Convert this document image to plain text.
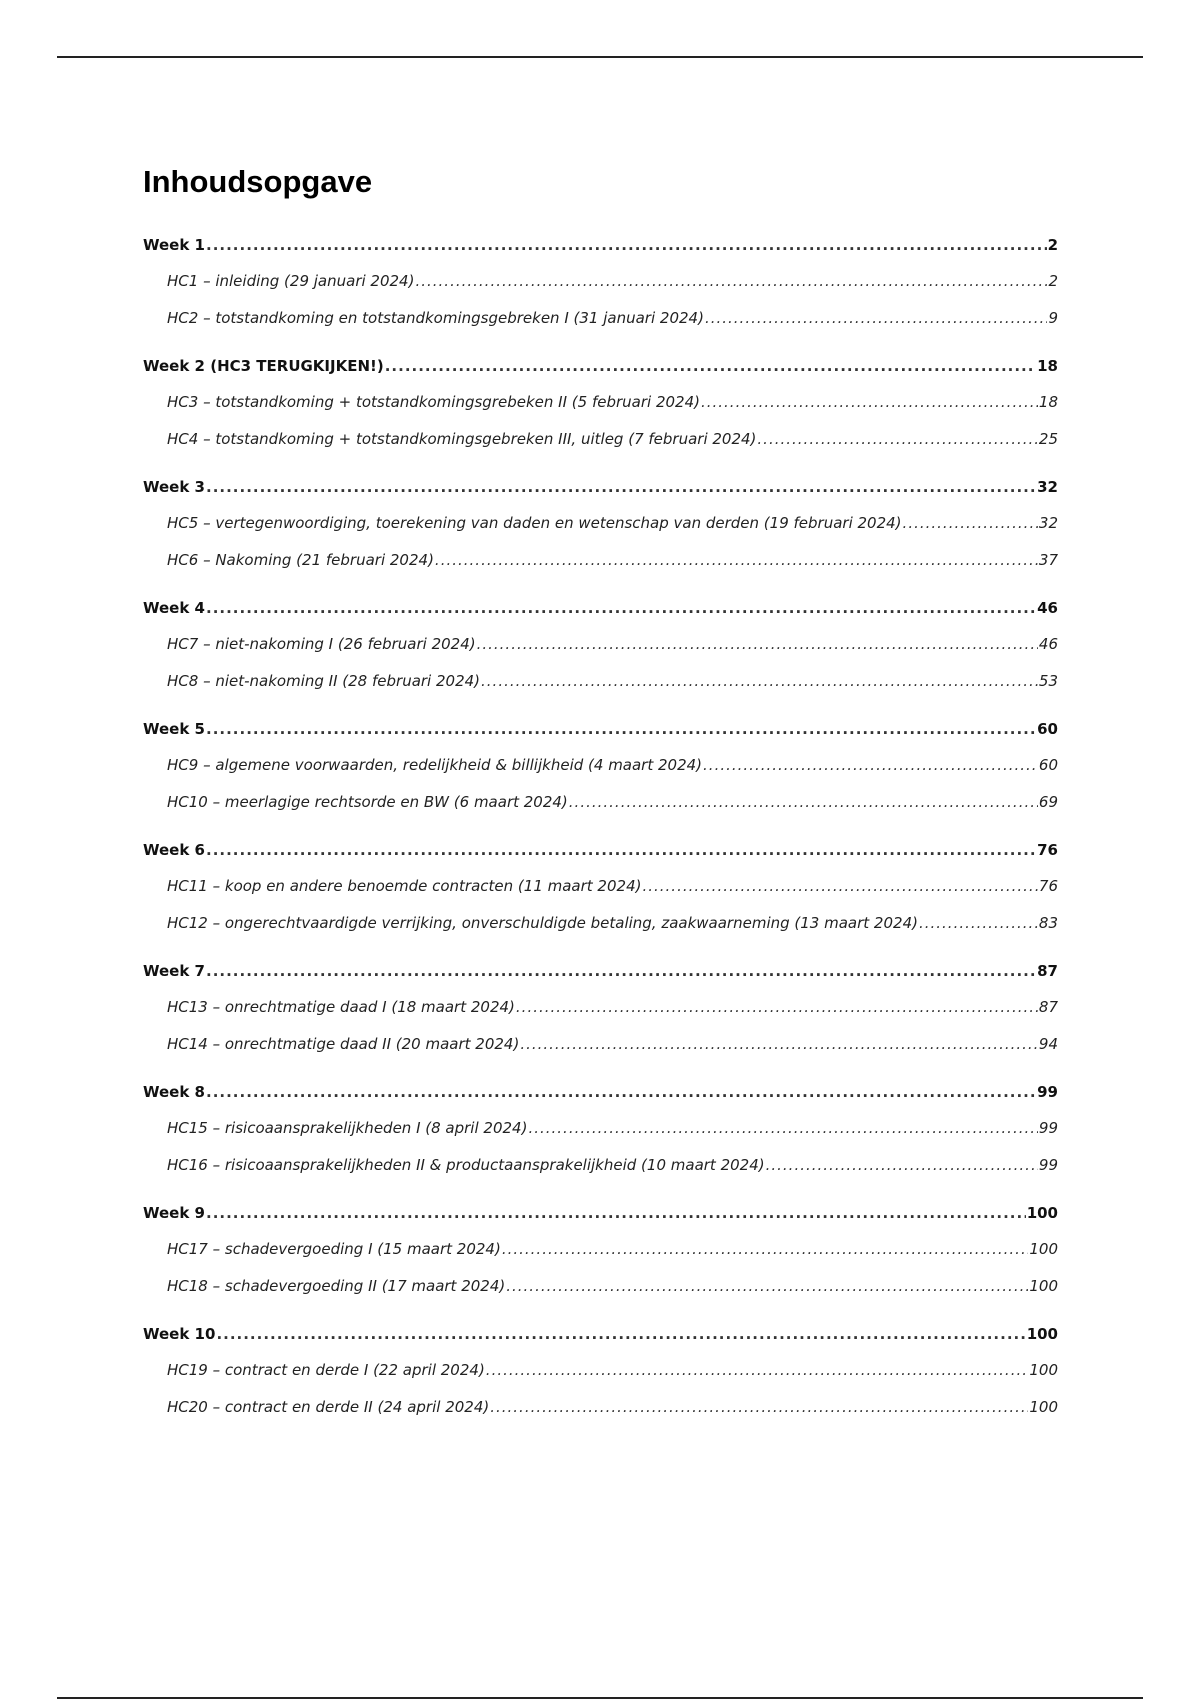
Inhoudsopgave
Week 1 .....	2
HC1 – inleiding (29 januari 2024) .....	2
HC2 – totstandkoming en totstandkomingsgebreken I (31 januari 2024) .....	9
Week 2 (HC3 TERUGKIJKEN!) .....	18
HC3 – totstandkoming + totstandkomingsgrebeken II (5 februari 2024) .....	18
HC4 – totstandkoming + totstandkomingsgebreken III, uitleg (7 februari 2024) .....	25
Week 3 .....	32
HC5 – vertegenwoordiging, toerekening van daden en wetenschap van derden (19 februari 2024) .....	32
HC6 – Nakoming (21 februari 2024) .....	37
Week 4 .....	46
HC7 – niet-nakoming I (26 februari 2024) .....	46
HC8 – niet-nakoming II (28 februari 2024) .....	53
Week 5 .....	60
HC9 – algemene voorwaarden, redelijkheid & billijkheid (4 maart 2024) .....	60
HC10 – meerlagige rechtsorde en BW (6 maart 2024) .....	69
Week 6 .....	76
HC11 – koop en andere benoemde contracten (11 maart 2024) .....	76
HC12 – ongerechtvaardigde verrijking, onverschuldigde betaling, zaakwaarneming (13 maart 2024) .....	83
Week 7 .....	87
HC13 – onrechtmatige daad I (18 maart 2024) .....	87
HC14 – onrechtmatige daad II (20 maart 2024) .....	94
Week 8 .....	99
HC15 – risicoaansprakelijkheden I (8 april 2024) .....	99
HC16 – risicoaansprakelijkheden II & productaansprakelijkheid (10 maart 2024) .....	99
Week 9 .....	100
HC17 – schadevergoeding I (15 maart 2024) .....	100
HC18 – schadevergoeding II (17 maart 2024) .....	100
Week 10 .....	100
HC19 – contract en derde I (22 april 2024) .....	100
HC20 – contract en derde II (24 april 2024) .....	100
